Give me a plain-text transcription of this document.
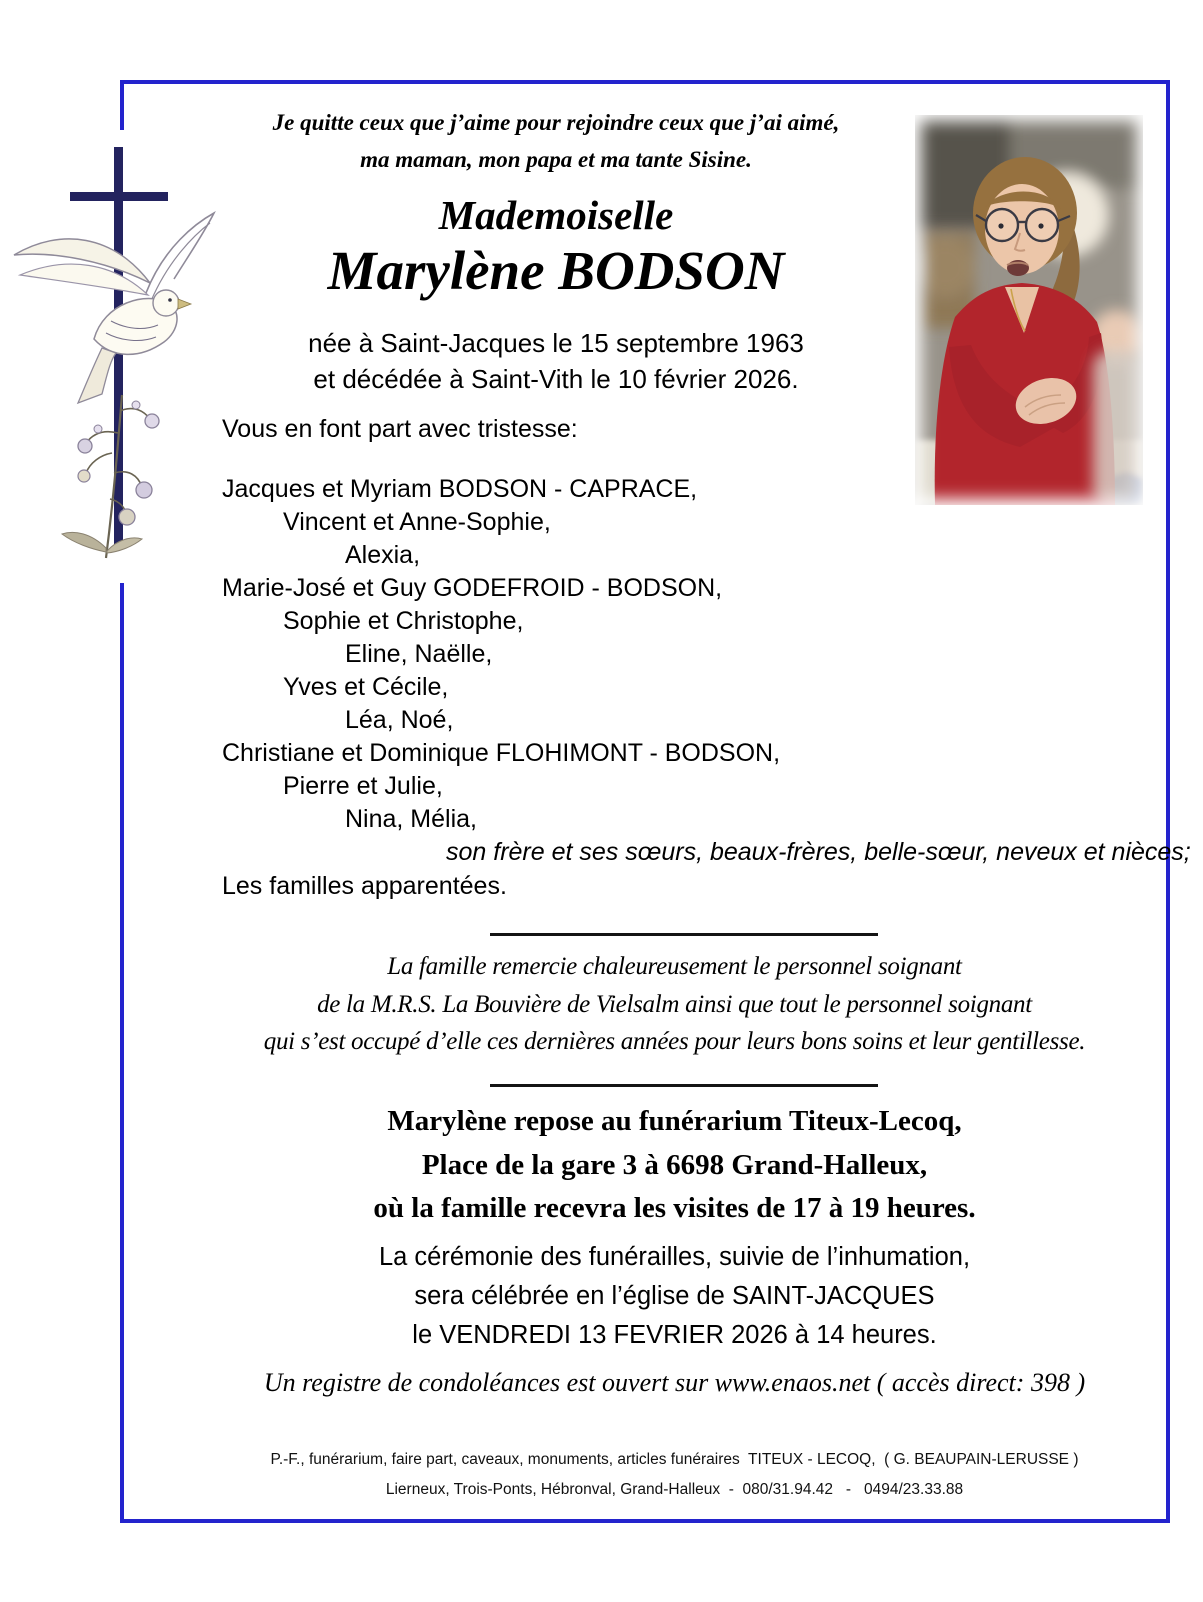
Je quitte ceux que j’aime pour rejoindre ceux que j’ai aimé,
ma maman, mon papa et ma tante Sisine.
Mademoiselle
Marylène BODSON
née à Saint-Jacques le 15 septembre 1963
et décédée à Saint-Vith le 10 février 2026.
Vous en font part avec tristesse:
Jacques et Myriam BODSON - CAPRACE,
Vincent et Anne-Sophie,
Alexia,
Marie-José et Guy GODEFROID - BODSON,
Sophie et Christophe,
Eline, Naëlle,
Yves et Cécile,
Léa, Noé,
Christiane et Dominique FLOHIMONT - BODSON,
Pierre et Julie,
Nina, Mélia,
son frère et ses sœurs, beaux-frères, belle-sœur, neveux et nièces;
Les familles apparentées.
La famille remercie chaleureusement le personnel soignant
de la M.R.S. La Bouvière de Vielsalm ainsi que tout le personnel soignant
qui s’est occupé d’elle ces dernières années pour leurs bons soins et leur gentillesse.
Marylène repose au funérarium Titeux-Lecoq,
Place de la gare 3 à 6698 Grand-Halleux,
où la famille recevra les visites de 17 à 19 heures.
La cérémonie des funérailles, suivie de l’inhumation,
sera célébrée en l’église de SAINT-JACQUES
le VENDREDI 13 FEVRIER 2026 à 14 heures.
Un registre de condoléances est ouvert sur www.enaos.net ( accès direct: 398 )
P.-F., funérarium, faire part, caveaux, monuments, articles funéraires  TITEUX - LECOQ,  ( G. BEAUPAIN-LERUSSE )
Lierneux, Trois-Ponts, Hébronval, Grand-Halleux  -  080/31.94.42   -   0494/23.33.88
